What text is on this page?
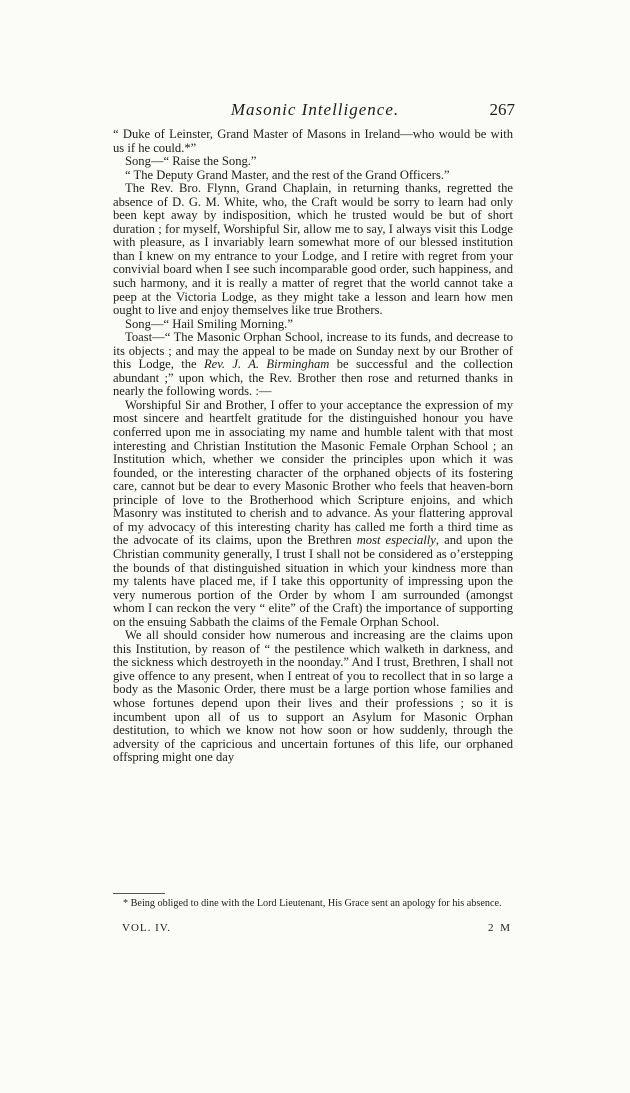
Masonic Intelligence.	267

“ Duke of Leinster, Grand Master of Masons in Ireland—who would be with us if he could.*”

Song—“ Raise the Song.”

“ The Deputy Grand Master, and the rest of the Grand Officers.”

The Rev. Bro. Flynn, Grand Chaplain, in returning thanks, regretted the absence of D. G. M. White, who, the Craft would be sorry to learn had only been kept away by indisposition, which he trusted would be but of short duration ; for myself, Worshipful Sir, allow me to say, I always visit this Lodge with pleasure, as I invariably learn somewhat more of our blessed institution than I knew on my entrance to your Lodge, and I retire with regret from your convivial board when I see such incomparable good order, such happiness, and such harmony, and it is really a matter of regret that the world cannot take a peep at the Victoria Lodge, as they might take a lesson and learn how men ought to live and enjoy themselves like true Brothers.

Song—“ Hail Smiling Morning.”

Toast—“ The Masonic Orphan School, increase to its funds, and decrease to its objects ; and may the appeal to be made on Sunday next by our Brother of this Lodge, the Rev. J. A. Birmingham be successful and the collection abundant ;” upon which, the Rev. Brother then rose and returned thanks in nearly the following words. :—

Worshipful Sir and Brother, I offer to your acceptance the expression of my most sincere and heartfelt gratitude for the distinguished honour you have conferred upon me in associating my name and humble talent with that most interesting and Christian Institution the Masonic Female Orphan School ; an Institution which, whether we consider the principles upon which it was founded, or the interesting character of the orphaned objects of its fostering care, cannot but be dear to every Masonic Brother who feels that heaven-born principle of love to the Brotherhood which Scripture enjoins, and which Masonry was instituted to cherish and to advance. As your flattering approval of my advocacy of this interesting charity has called me forth a third time as the advocate of its claims, upon the Brethren most especially, and upon the Christian community generally, I trust I shall not be considered as o’erstepping the bounds of that distinguished situation in which your kindness more than my talents have placed me, if I take this opportunity of impressing upon the very numerous portion of the Order by whom I am surrounded (amongst whom I can reckon the very “ elite” of the Craft) the importance of supporting on the ensuing Sabbath the claims of the Female Orphan School.

We all should consider how numerous and increasing are the claims upon this Institution, by reason of “ the pestilence which walketh in darkness, and the sickness which destroyeth in the noonday.” And I trust, Brethren, I shall not give offence to any present, when I entreat of you to recollect that in so large a body as the Masonic Order, there must be a large portion whose families and whose fortunes depend upon their lives and their professions ; so it is incumbent upon all of us to support an Asylum for Masonic Orphan destitution, to which we know not how soon or how suddenly, through the adversity of the capricious and uncertain fortunes of this life, our orphaned offspring might one day

* Being obliged to dine with the Lord Lieutenant, His Grace sent an apology for his absence.

VOL. IV.	2 M
